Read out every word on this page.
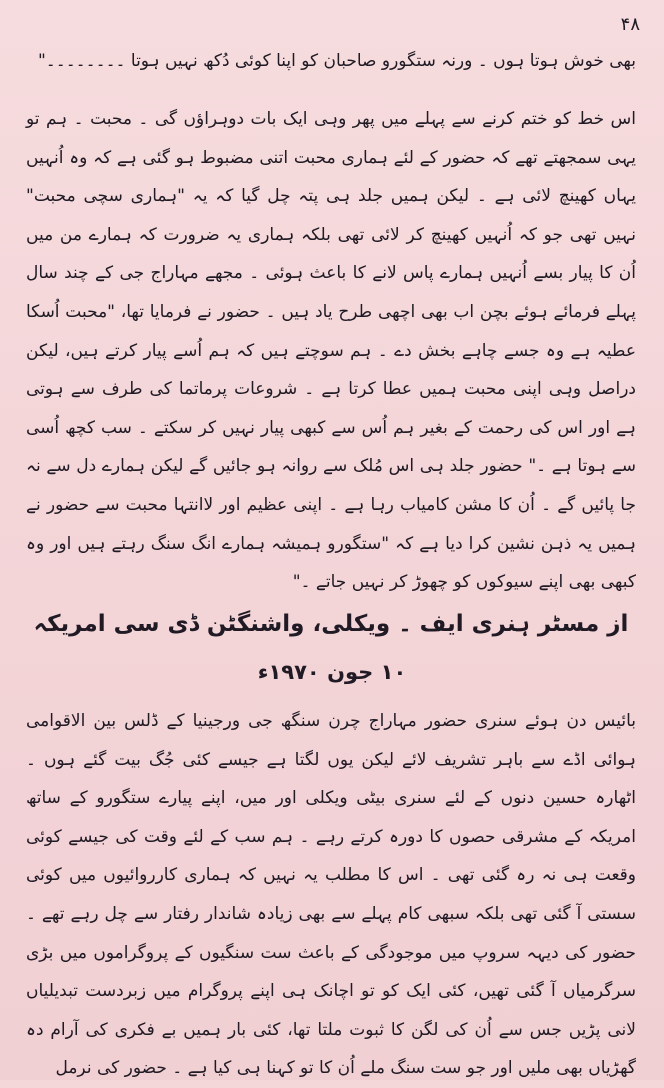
۴۸
بھی خوش ہوتا ہوں ۔ ورنہ ستگورو صاحبان کو اپنا کوئی دُکھ نہیں ہوتا ۔۔۔۔۔۔۔۔"
اس خط کو ختم کرنے سے پہلے میں پھر وہی ایک بات دوہراؤں گی ۔ محبت ۔ ہم تو یہی سمجھتے تھے کہ حضور کے لئے ہماری محبت اتنی مضبوط ہو گئی ہے کہ وہ اُنہیں یہاں کھینچ لائی ہے ۔ لیکن ہمیں جلد ہی پتہ چل گیا کہ یہ "ہماری سچی محبت" نہیں تھی جو کہ اُنہیں کھینچ کر لائی تھی بلکہ ہماری یہ ضرورت کہ ہمارے من میں اُن کا پیار بسے اُنہیں ہمارے پاس لانے کا باعث ہوئی ۔ مجھے مہاراج جی کے چند سال پہلے فرمائے ہوئے بچن اب بھی اچھی طرح یاد ہیں ۔ حضور نے فرمایا تھا، "محبت اُسکا عطیہ ہے وہ جسے چاہے بخش دے ۔ ہم سوچتے ہیں کہ ہم اُسے پیار کرتے ہیں، لیکن دراصل وہی اپنی محبت ہمیں عطا کرتا ہے ۔ شروعات پرماتما کی طرف سے ہوتی ہے اور اس کی رحمت کے بغیر ہم اُس سے کبھی پیار نہیں کر سکتے ۔ سب کچھ اُسی سے ہوتا ہے ۔" حضور جلد ہی اس مُلک سے روانہ ہو جائیں گے لیکن ہمارے دل سے نہ جا پائیں گے ۔ اُن کا مشن کامیاب رہا ہے ۔ اپنی عظیم اور لاانتہا محبت سے حضور نے ہمیں یہ ذہن نشین کرا دیا ہے کہ "ستگورو ہمیشہ ہمارے انگ سنگ رہتے ہیں اور وہ کبھی بھی اپنے سیوکوں کو چھوڑ کر نہیں جاتے ۔"
از مسٹر ہنری ایف ۔ ویکلی، واشنگٹن ڈی سی امریکہ
۱۰ جون ۱۹۷۰ء
بائیس دن ہوئے سنری حضور مہاراج چرن سنگھ جی ورجینیا کے ڈلس بین الاقوامی ہوائی اڈے سے باہر تشریف لائے لیکن یوں لگتا ہے جیسے کئی جُگ بیت گئے ہوں ۔ اٹھارہ حسین دنوں کے لئے سنری بیٹی ویکلی اور میں، اپنے پیارے ستگورو کے ساتھ امریکہ کے مشرقی حصوں کا دورہ کرتے رہے ۔ ہم سب کے لئے وقت کی جیسے کوئی وقعت ہی نہ رہ گئی تھی ۔ اس کا مطلب یہ نہیں کہ ہماری کارروائیوں میں کوئی سستی آ گئی تھی بلکہ سبھی کام پہلے سے بھی زیادہ شاندار رفتار سے چل رہے تھے ۔ حضور کی دیہہ سروپ میں موجودگی کے باعث ست سنگیوں کے پروگراموں میں بڑی سرگرمیاں آ گئی تھیں، کئی ایک کو تو اچانک ہی اپنے پروگرام میں زبردست تبدیلیاں لانی پڑیں جس سے اُن کی لگن کا ثبوت ملتا تھا، کئی بار ہمیں بے فکری کی آرام دہ گھڑیاں بھی ملیں اور جو ست سنگ ملے اُن کا تو کہنا ہی کیا ہے ۔ حضور کی نرمل
